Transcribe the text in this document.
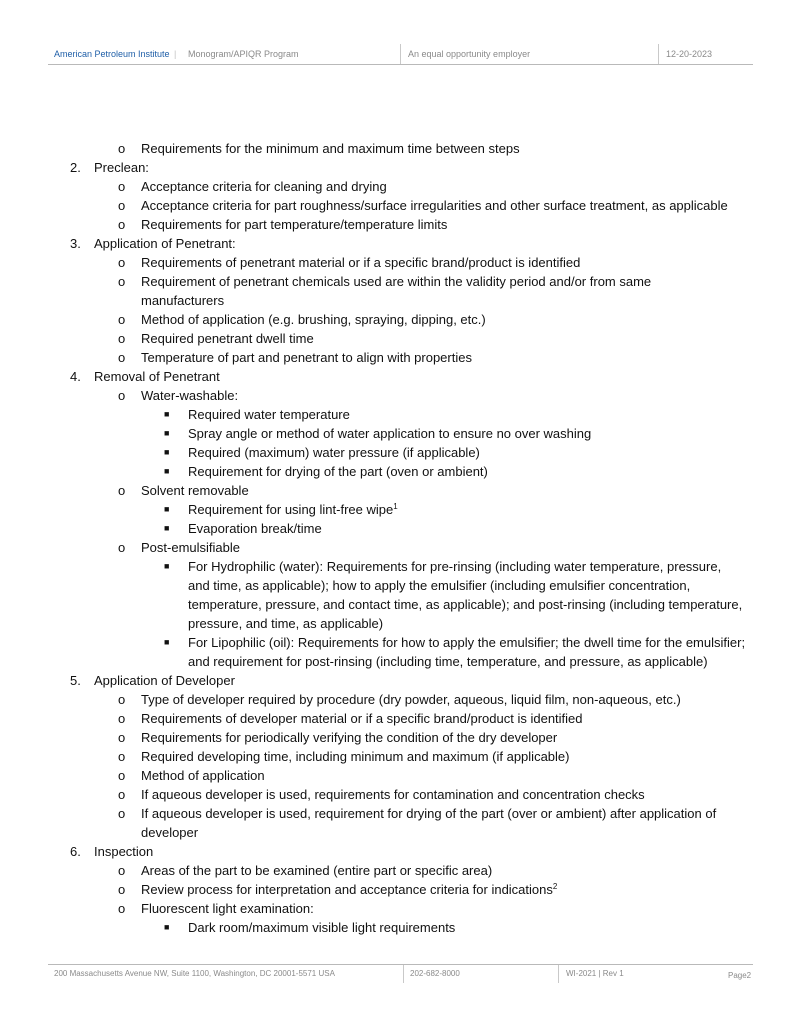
American Petroleum Institute | Monogram/APIQR Program	An equal opportunity employer	12-20-2023
o Requirements for the minimum and maximum time between steps
2. Preclean:
o Acceptance criteria for cleaning and drying
o Acceptance criteria for part roughness/surface irregularities and other surface treatment, as applicable
o Requirements for part temperature/temperature limits
3. Application of Penetrant:
o Requirements of penetrant material or if a specific brand/product is identified
o Requirement of penetrant chemicals used are within the validity period and/or from same manufacturers
o Method of application (e.g. brushing, spraying, dipping, etc.)
o Required penetrant dwell time
o Temperature of part and penetrant to align with properties
4. Removal of Penetrant
o Water-washable:
■ Required water temperature
■ Spray angle or method of water application to ensure no over washing
■ Required (maximum) water pressure (if applicable)
■ Requirement for drying of the part (oven or ambient)
o Solvent removable
■ Requirement for using lint-free wipe$^1$
■ Evaporation break/time
o Post-emulsifiable
■ For Hydrophilic (water): Requirements for pre-rinsing (including water temperature, pressure, and time, as applicable); how to apply the emulsifier (including emulsifier concentration, temperature, pressure, and contact time, as applicable); and post-rinsing (including temperature, pressure, and time, as applicable)
■ For Lipophilic (oil): Requirements for how to apply the emulsifier; the dwell time for the emulsifier; and requirement for post-rinsing (including time, temperature, and pressure, as applicable)
5. Application of Developer
o Type of developer required by procedure (dry powder, aqueous, liquid film, non-aqueous, etc.)
o Requirements of developer material or if a specific brand/product is identified
o Requirements for periodically verifying the condition of the dry developer
o Required developing time, including minimum and maximum (if applicable)
o Method of application
o If aqueous developer is used, requirements for contamination and concentration checks
o If aqueous developer is used, requirement for drying of the part (over or ambient) after application of developer
6. Inspection
o Areas of the part to be examined (entire part or specific area)
o Review process for interpretation and acceptance criteria for indications$^2$
o Fluorescent light examination:
■ Dark room/maximum visible light requirements
200 Massachusetts Avenue NW, Suite 1100, Washington, DC 20001-5571 USA	202-682-8000	WI-2021 | Rev 1	Page2
